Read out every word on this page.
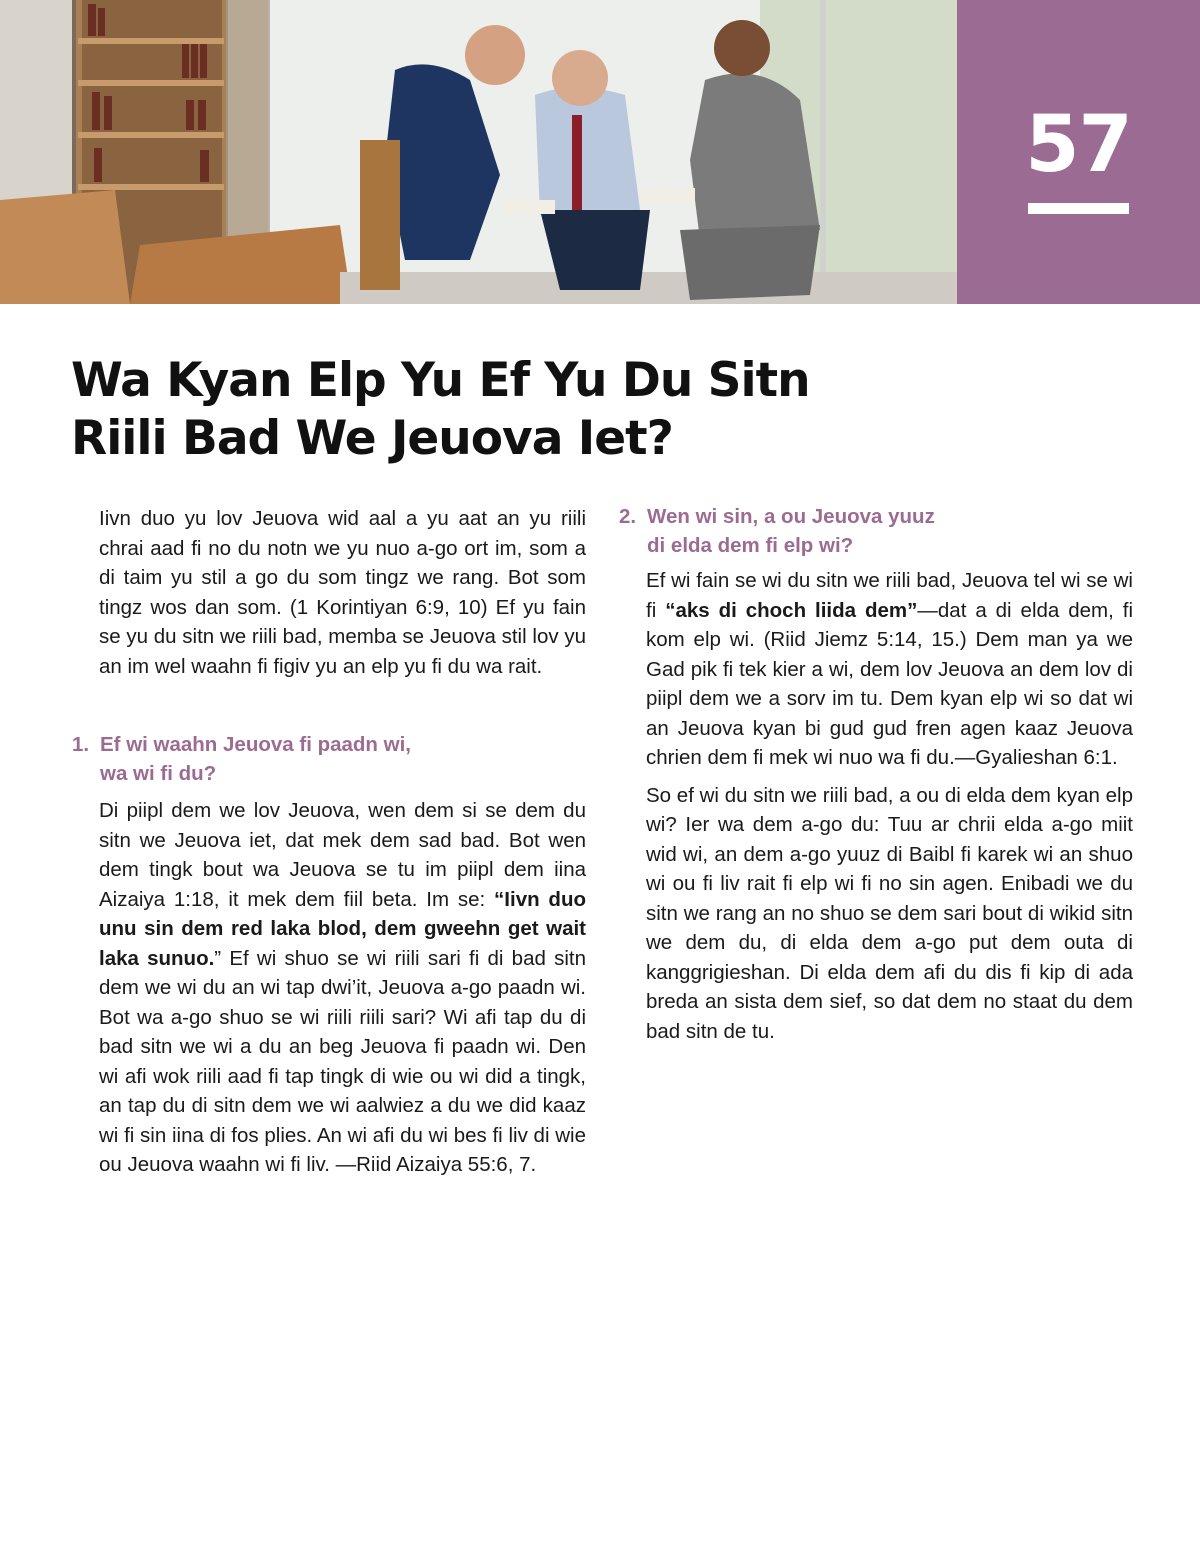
57
Wa Kyan Elp Yu Ef Yu Du Sitn
Riili Bad We Jeuova Iet?

Iivn duo yu lov Jeuova wid aal a yu aat an yu riili chrai aad fi no du notn we yu nuo a-go ort im, som a di taim yu stil a go du som tingz we rang. Bot som tingz wos dan som. (1 Korintiyan 6:9, 10) Ef yu fain se yu du sitn we riili bad, memba se Jeuova stil lov yu an im wel waahn fi figiv yu an elp yu fi du wa rait.

1. Ef wi waahn Jeuova fi paadn wi,
wa wi fi du?

Di piipl dem we lov Jeuova, wen dem si se dem du sitn we Jeuova iet, dat mek dem sad bad. Bot wen dem tingk bout wa Jeuova se tu im piipl dem iina Aizaiya 1:18, it mek dem fiil beta. Im se: “Iivn duo unu sin dem red laka blod, dem gweehn get wait laka sunuo.” Ef wi shuo se wi riili sari fi di bad sitn dem we wi du an wi tap dwi’it, Jeuova a-go paadn wi. Bot wa a-go shuo se wi riili riili sari? Wi afi tap du di bad sitn we wi a du an beg Jeuova fi paadn wi. Den wi afi wok riili aad fi tap tingk di wie ou wi did a tingk, an tap du di sitn dem we wi aalwiez a du we did kaaz wi fi sin iina di fos plies. An wi afi du wi bes fi liv di wie ou Jeuova waahn wi fi liv. —Riid Aizaiya 55:6, 7.

2. Wen wi sin, a ou Jeuova yuuz
di elda dem fi elp wi?

Ef wi fain se wi du sitn we riili bad, Jeuova tel wi se wi fi “aks di choch liida dem”—dat a di elda dem, fi kom elp wi. (Riid Jiemz 5:14, 15.) Dem man ya we Gad pik fi tek kier a wi, dem lov Jeuova an dem lov di piipl dem we a sorv im tu. Dem kyan elp wi so dat wi an Jeuova kyan bi gud gud fren agen kaaz Jeuova chrien dem fi mek wi nuo wa fi du.—Gyalieshan 6:1.

So ef wi du sitn we riili bad, a ou di elda dem kyan elp wi? Ier wa dem a-go du: Tuu ar chrii elda a-go miit wid wi, an dem a-go yuuz di Baibl fi karek wi an shuo wi ou fi liv rait fi elp wi fi no sin agen. Enibadi we du sitn we rang an no shuo se dem sari bout di wikid sitn we dem du, di elda dem a-go put dem outa di kanggrigieshan. Di elda dem afi du dis fi kip di ada breda an sista dem sief, so dat dem no staat du dem bad sitn de tu.
